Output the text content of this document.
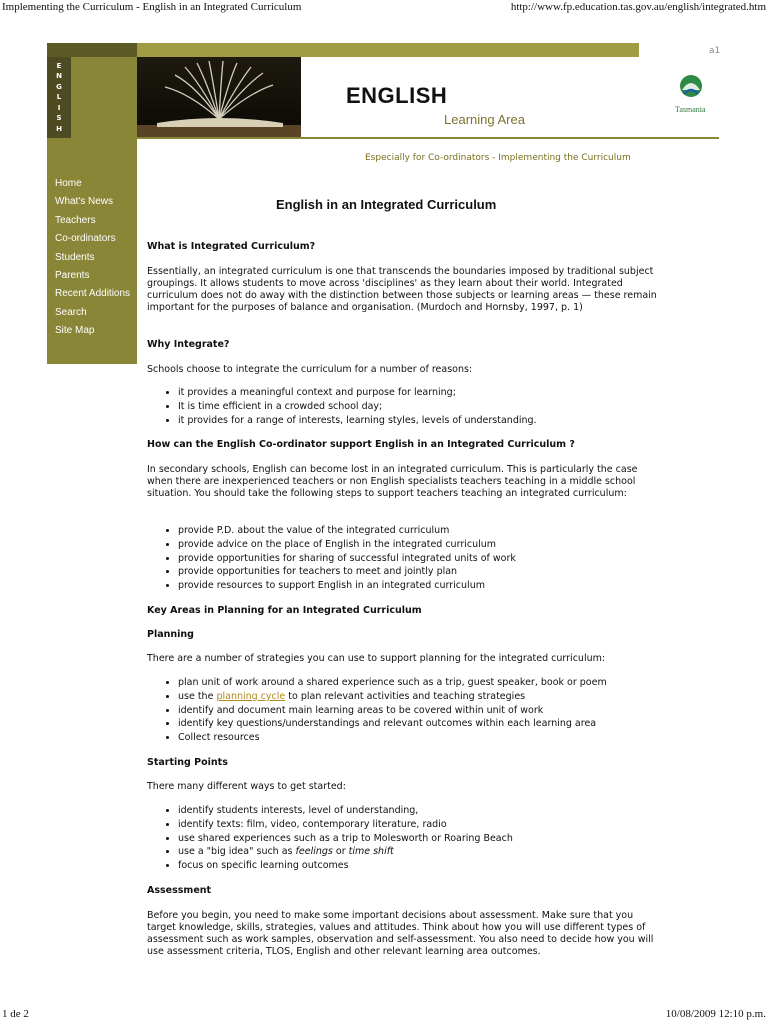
Implementing the Curriculum - English in an Integrated Curriculum	http://www.fp.education.tas.gov.au/english/integrated.htm
1 de 2	10/08/2009 12:10 p.m.
a1
E
N
G
L
I
S
H
ENGLISH
Learning Area
Tasmania
Home
What's News
Teachers
Co-ordinators
Students
Parents
Recent Additions
Search
Site Map
Especially for Co-ordinators - Implementing the Curriculum
English in an Integrated Curriculum
What is Integrated Curriculum?

Essentially, an integrated curriculum is one that transcends the boundaries imposed by traditional subject groupings. It allows students to move across 'disciplines' as they learn about their world. Integrated curriculum does not do away with the distinction between those subjects or learning areas — these remain important for the purposes of balance and organisation. (Murdoch and Hornsby, 1997, p. 1)

Why Integrate?
Schools choose to integrate the curriculum for a number of reasons:
• it provides a meaningful context and purpose for learning;
• It is time efficient in a crowded school day;
• it provides for a range of interests, learning styles, levels of understanding.
How can the English Co-ordinator support English in an Integrated Curriculum ?

In secondary schools, English can become lost in an integrated curriculum. This is particularly the case when there are inexperienced teachers or non English specialists teachers teaching in a middle school situation. You should take the following steps to support teachers teaching an integrated curriculum:

• provide P.D. about the value of the integrated curriculum
• provide advice on the place of English in the integrated curriculum
• provide opportunities for sharing of successful integrated units of work
• provide opportunities for teachers to meet and jointly plan
• provide resources to support English in an integrated curriculum
Key Areas in Planning for an Integrated Curriculum
Planning
There are a number of strategies you can use to support planning for the integrated curriculum:
• plan unit of work around a shared experience such as a trip, guest speaker, book or poem
• use the planning cycle to plan relevant activities and teaching strategies
• identify and document main learning areas to be covered within unit of work
• identify key questions/understandings and relevant outcomes within each learning area
• Collect resources
Starting Points
There many different ways to get started:
• identify students interests, level of understanding,
• identify texts: film, video, contemporary literature, radio
• use shared experiences such as a trip to Molesworth or Roaring Beach
• use a "big idea" such as feelings or time shift
• focus on specific learning outcomes
Assessment

Before you begin, you need to make some important decisions about assessment. Make sure that you target knowledge, skills, strategies, values and attitudes. Think about how you will use different types of assessment such as work samples, observation and self-assessment. You also need to decide how you will use assessment criteria, TLOS, English and other relevant learning area outcomes.
